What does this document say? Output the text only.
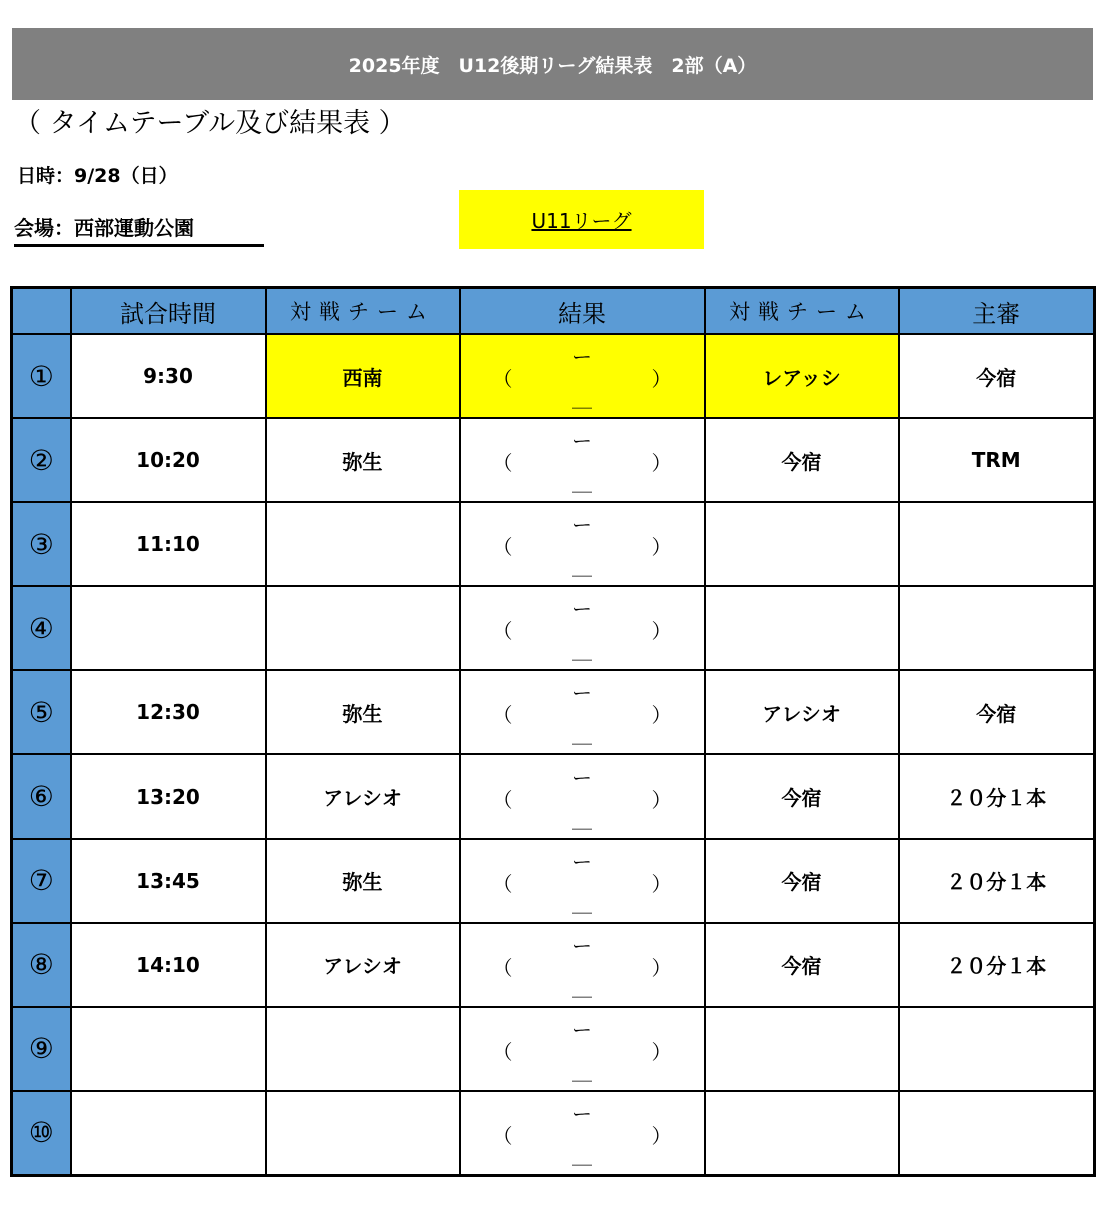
2025年度　U12後期リーグ結果表　2部（A）
（ タイムテーブル及び結果表 ）
日時：9/28（日）
会場：西部運動公園	U11リーグ
	試合時間	対戦チーム	結果	対戦チーム	主審
①	9:30	西南	（
ー
＿
）	レアッシ	今宿
②	10:20	弥生	（
ー
＿
）	今宿	TRM
③	11:10		（
ー
＿
）		

④			（
ー
＿
）		

⑤	12:30	弥生	（
ー
＿
）	アレシオ	今宿
⑥	13:20	アレシオ	（
ー
＿
）	今宿	２０分１本
⑦	13:45	弥生	（
ー
＿
）	今宿	２０分１本
⑧	14:10	アレシオ	（
ー
＿
）	今宿	２０分１本
⑨			（
ー
＿
）		

⑩			（
ー
＿
）		
